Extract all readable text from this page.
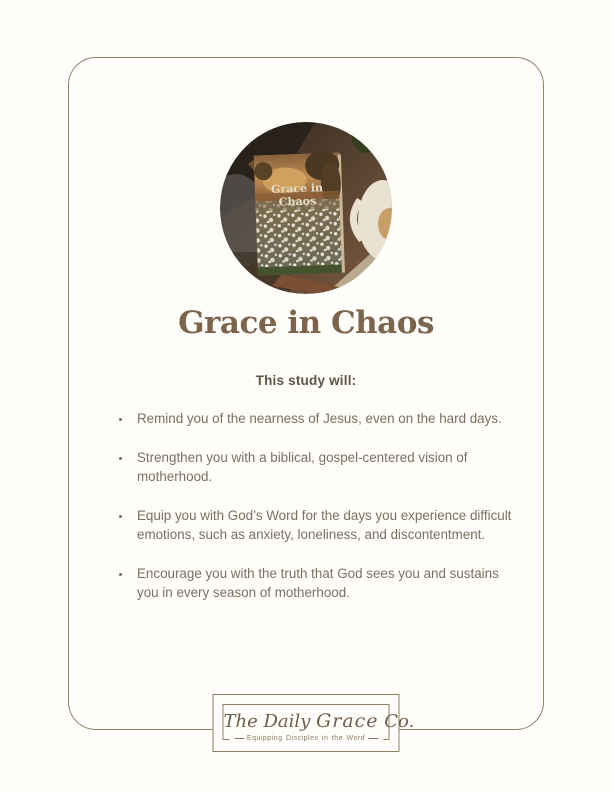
Grace in Chaos
This study will:
• Remind you of the nearness of Jesus, even on the hard days.
• Strengthen you with a biblical, gospel-centered vision of motherhood.
• Equip you with God’s Word for the days you experience difficult emotions, such as anxiety, loneliness, and discontentment.
• Encourage you with the truth that God sees you and sustains you in every season of motherhood.
The Daily Grace Co.
Equipping Disciples in the Word
